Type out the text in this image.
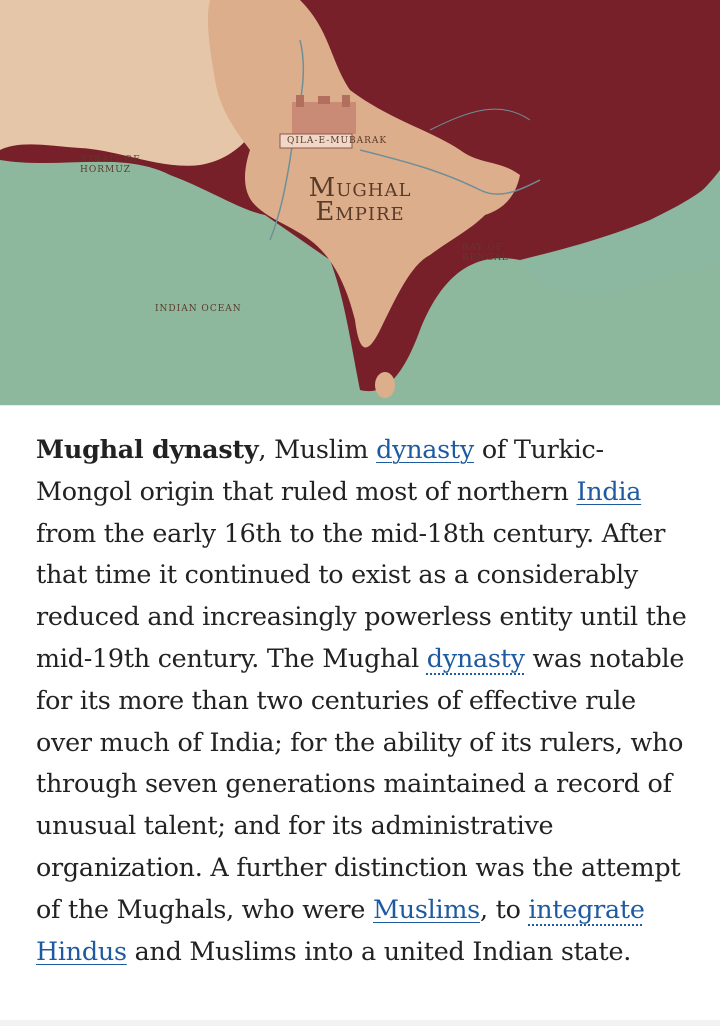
QILA-E-MUBARAK
STRAIT OF HORMUZ
INDIAN OCEAN
BAY OF BENGAL
Mughal
Empire

Mughal dynasty, Muslim dynasty of Turkic-Mongol origin that ruled most of northern India from the early 16th to the mid-18th century. After that time it continued to exist as a considerably reduced and increasingly powerless entity until the mid-19th century. The Mughal dynasty was notable for its more than two centuries of effective rule over much of India; for the ability of its rulers, who through seven generations maintained a record of unusual talent; and for its administrative organization. A further distinction was the attempt of the Mughals, who were Muslims, to integrate Hindus and Muslims into a united Indian state.
